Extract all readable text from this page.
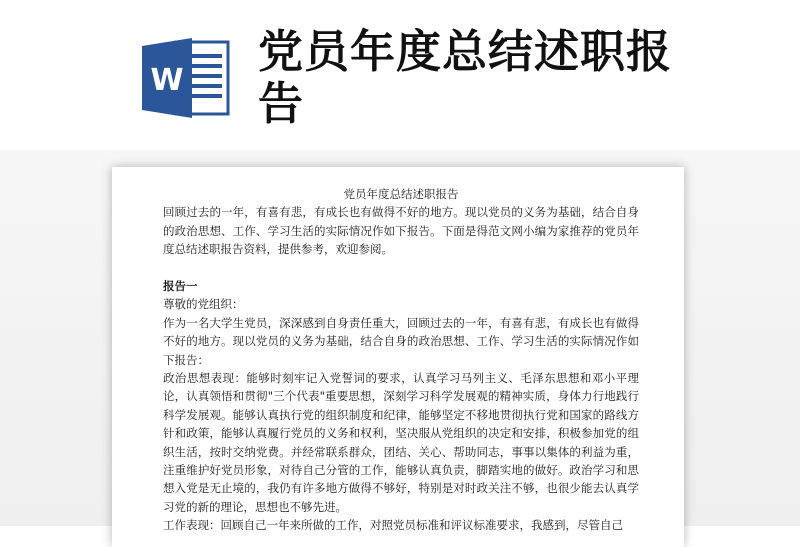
W
党员年度总结述职报告

党员年度总结述职报告

回顾过去的一年，有喜有悲，有成长也有做得不好的地方。现以党员的义务为基础，结合自身的政治思想、工作、学习生活的实际情况作如下报告。下面是得范文网小编为家推荐的党员年度总结述职报告资料，提供参考，欢迎参阅。

报告一

尊敬的党组织：

作为一名大学生党员，深深感到自身责任重大，回顾过去的一年，有喜有悲，有成长也有做得不好的地方。现以党员的义务为基础，结合自身的政治思想、工作、学习生活的实际情况作如下报告：

政治思想表现：能够时刻牢记入党誓词的要求，认真学习马列主义、毛泽东思想和邓小平理论，认真领悟和贯彻"三个代表"重要思想，深刻学习科学发展观的精神实质，身体力行地践行科学发展观。能够认真执行党的组织制度和纪律，能够坚定不移地贯彻执行党和国家的路线方针和政策，能够认真履行党员的义务和权利，坚决服从党组织的决定和安排，积极参加党的组织生活，按时交纳党费。并经常联系群众，团结、关心、帮助同志，事事以集体的利益为重，注重维护好党员形象，对待自己分管的工作，能够认真负责，脚踏实地的做好。政治学习和思想入党是无止境的，我仍有许多地方做得不够好，特别是对时政关注不够，也很少能去认真学习党的新的理论，思想也不够先进。

工作表现：回顾自己一年来所做的工作，对照党员标准和评议标准要求，我感到，尽管自己
